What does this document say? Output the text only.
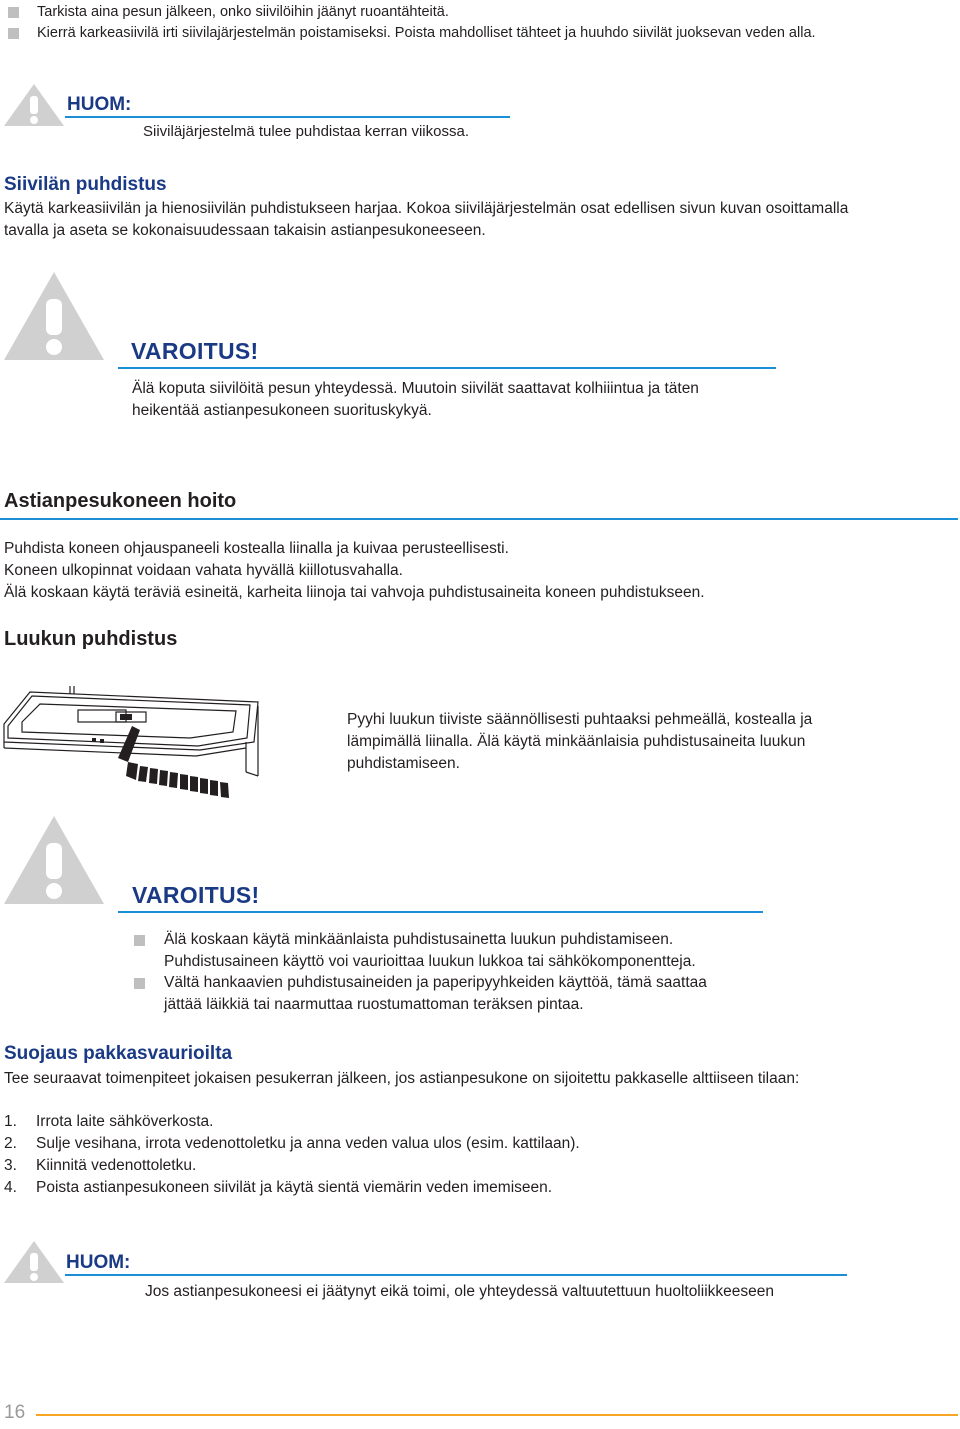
Tarkista aina pesun jälkeen, onko siivilöihin jäänyt ruoantähteitä.
Kierrä karkeasiivilä irti siivilajärjestelmän poistamiseksi. Poista mahdolliset tähteet ja huuhdo siivilät juoksevan veden alla.
HUOM:
Siiviläjärjestelmä tulee puhdistaa kerran viikossa.
Siivilän puhdistus
Käytä karkeasiivilän ja hienosiivilän puhdistukseen harjaa. Kokoa siiviläjärjestelmän osat edellisen sivun kuvan osoittamalla
tavalla ja aseta se kokonaisuudessaan takaisin astianpesukoneeseen.
VAROITUS!
Älä koputa siivilöitä pesun yhteydessä. Muutoin siivilät saattavat kolhiiintua ja täten
heikentää astianpesukoneen suorituskykyä.
Astianpesukoneen hoito
Puhdista koneen ohjauspaneeli kostealla liinalla ja kuivaa perusteellisesti.
Koneen ulkopinnat voidaan vahata hyvällä kiillotusvahalla.
Älä koskaan käytä teräviä esineitä, karheita liinoja tai vahvoja puhdistusaineita koneen puhdistukseen.
Luukun puhdistus
Pyyhi luukun tiiviste säännöllisesti puhtaaksi pehmeällä, kostealla ja
lämpimällä liinalla. Älä käytä minkäänlaisia puhdistusaineita luukun
puhdistamiseen.
VAROITUS!
Älä koskaan käytä minkäänlaista puhdistusainetta luukun puhdistamiseen.
Puhdistusaineen käyttö voi vaurioittaa luukun lukkoa tai sähkökomponentteja.
Vältä hankaavien puhdistusaineiden ja paperipyyhkeiden käyttöä, tämä saattaa
jättää läikkiä tai naarmuttaa ruostumattoman teräksen pintaa.
Suojaus pakkasvaurioilta
Tee seuraavat toimenpiteet jokaisen pesukerran jälkeen, jos astianpesukone on sijoitettu pakkaselle alttiiseen tilaan:
1. Irrota laite sähköverkosta.
2. Sulje vesihana, irrota vedenottoletku ja anna veden valua ulos (esim. kattilaan).
3. Kiinnitä vedenottoletku.
4. Poista astianpesukoneen siivilät ja käytä sientä viemärin veden imemiseen.
HUOM:
Jos astianpesukoneesi ei jäätynyt eikä toimi, ole yhteydessä valtuutettuun huoltoliikkeeseen
16
